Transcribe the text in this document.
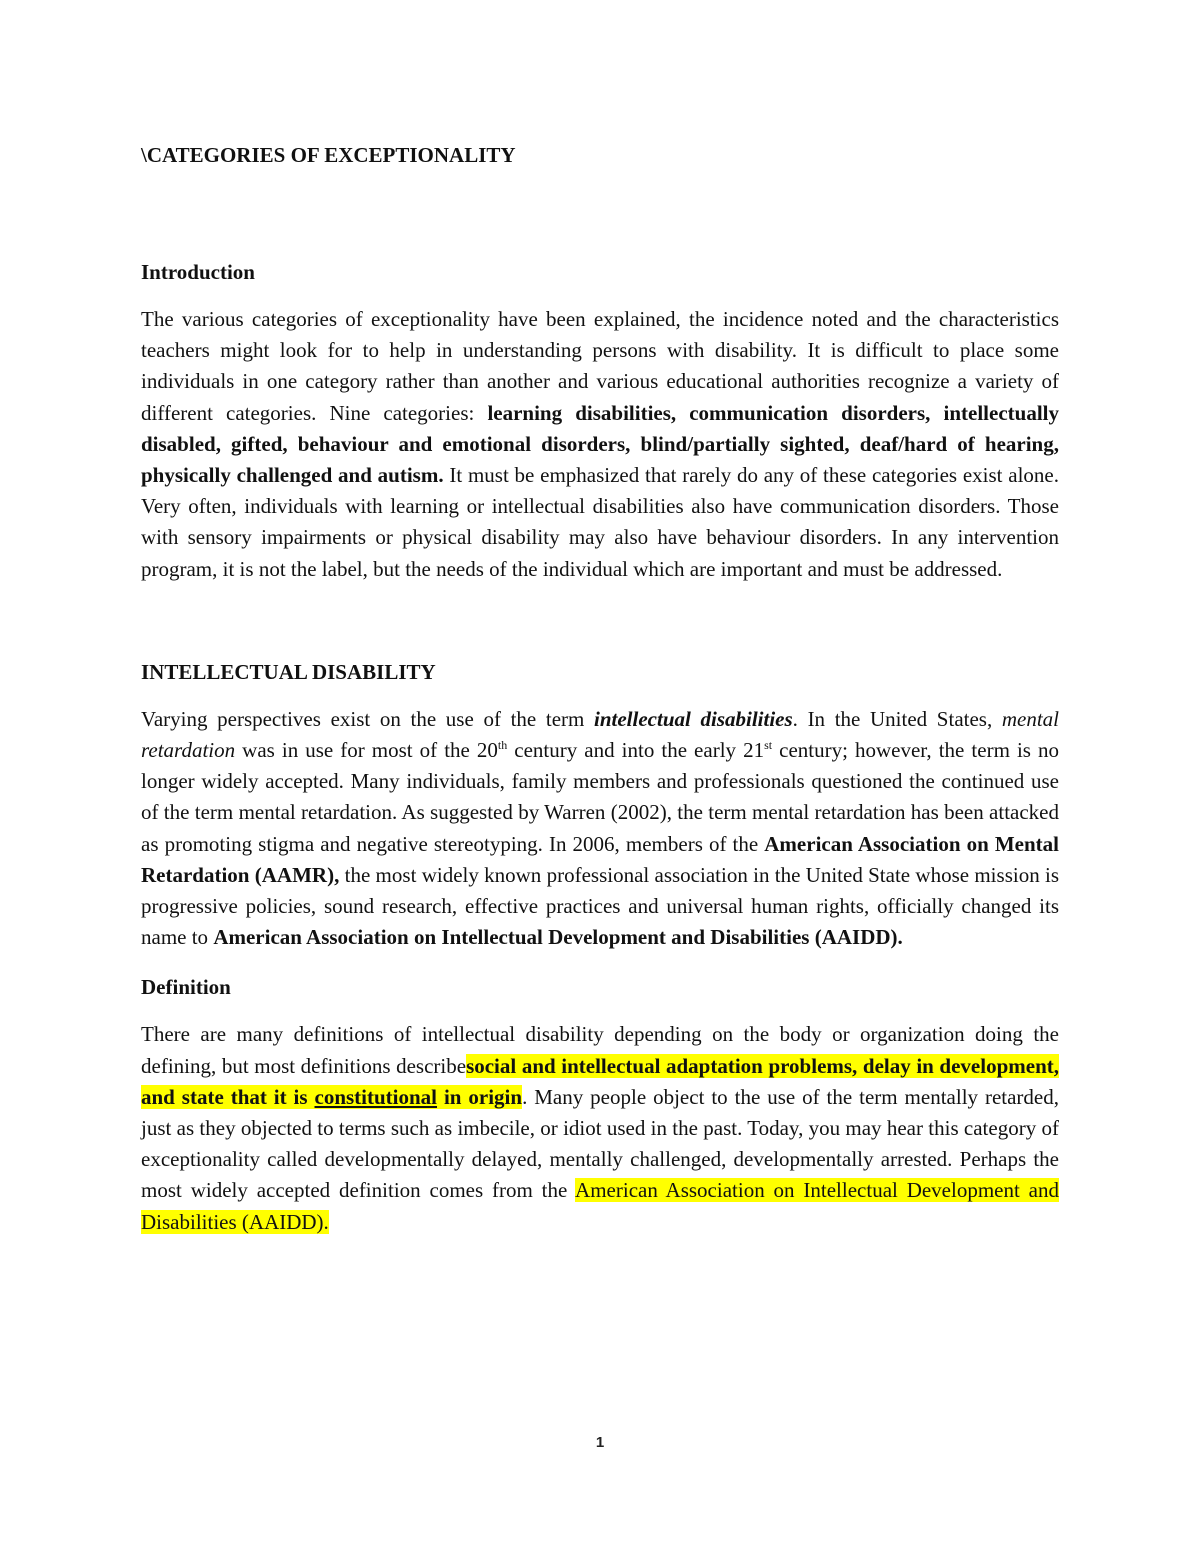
\CATEGORIES OF EXCEPTIONALITY
Introduction

The various categories of exceptionality have been explained, the incidence noted and the characteristics teachers might look for to help in understanding persons with disability. It is difficult to place some individuals in one category rather than another and various educational authorities recognize a variety of different categories. Nine categories: learning disabilities, communication disorders, intellectually disabled, gifted, behaviour and emotional disorders, blind/partially sighted, deaf/hard of hearing, physically challenged and autism. It must be emphasized that rarely do any of these categories exist alone. Very often, individuals with learning or intellectual disabilities also have communication disorders. Those with sensory impairments or physical disability may also have behaviour disorders. In any intervention program, it is not the label, but the needs of the individual which are important and must be addressed.

INTELLECTUAL DISABILITY

Varying perspectives exist on the use of the term intellectual disabilities. In the United States, mental retardation was in use for most of the 20th century and into the early 21st century; however, the term is no longer widely accepted. Many individuals, family members and professionals questioned the continued use of the term mental retardation. As suggested by Warren (2002), the term mental retardation has been attacked as promoting stigma and negative stereotyping. In 2006, members of the American Association on Mental Retardation (AAMR), the most widely known professional association in the United State whose mission is progressive policies, sound research, effective practices and universal human rights, officially changed its name to American Association on Intellectual Development and Disabilities (AAIDD).

Definition

There are many definitions of intellectual disability depending on the body or organization doing the defining, but most definitions describesocial and intellectual adaptation problems, delay in development, and state that it is constitutional in origin. Many people object to the use of the term mentally retarded, just as they objected to terms such as imbecile, or idiot used in the past. Today, you may hear this category of exceptionality called developmentally delayed, mentally challenged, developmentally arrested. Perhaps the most widely accepted definition comes from the American Association on Intellectual Development and Disabilities (AAIDD).

1
